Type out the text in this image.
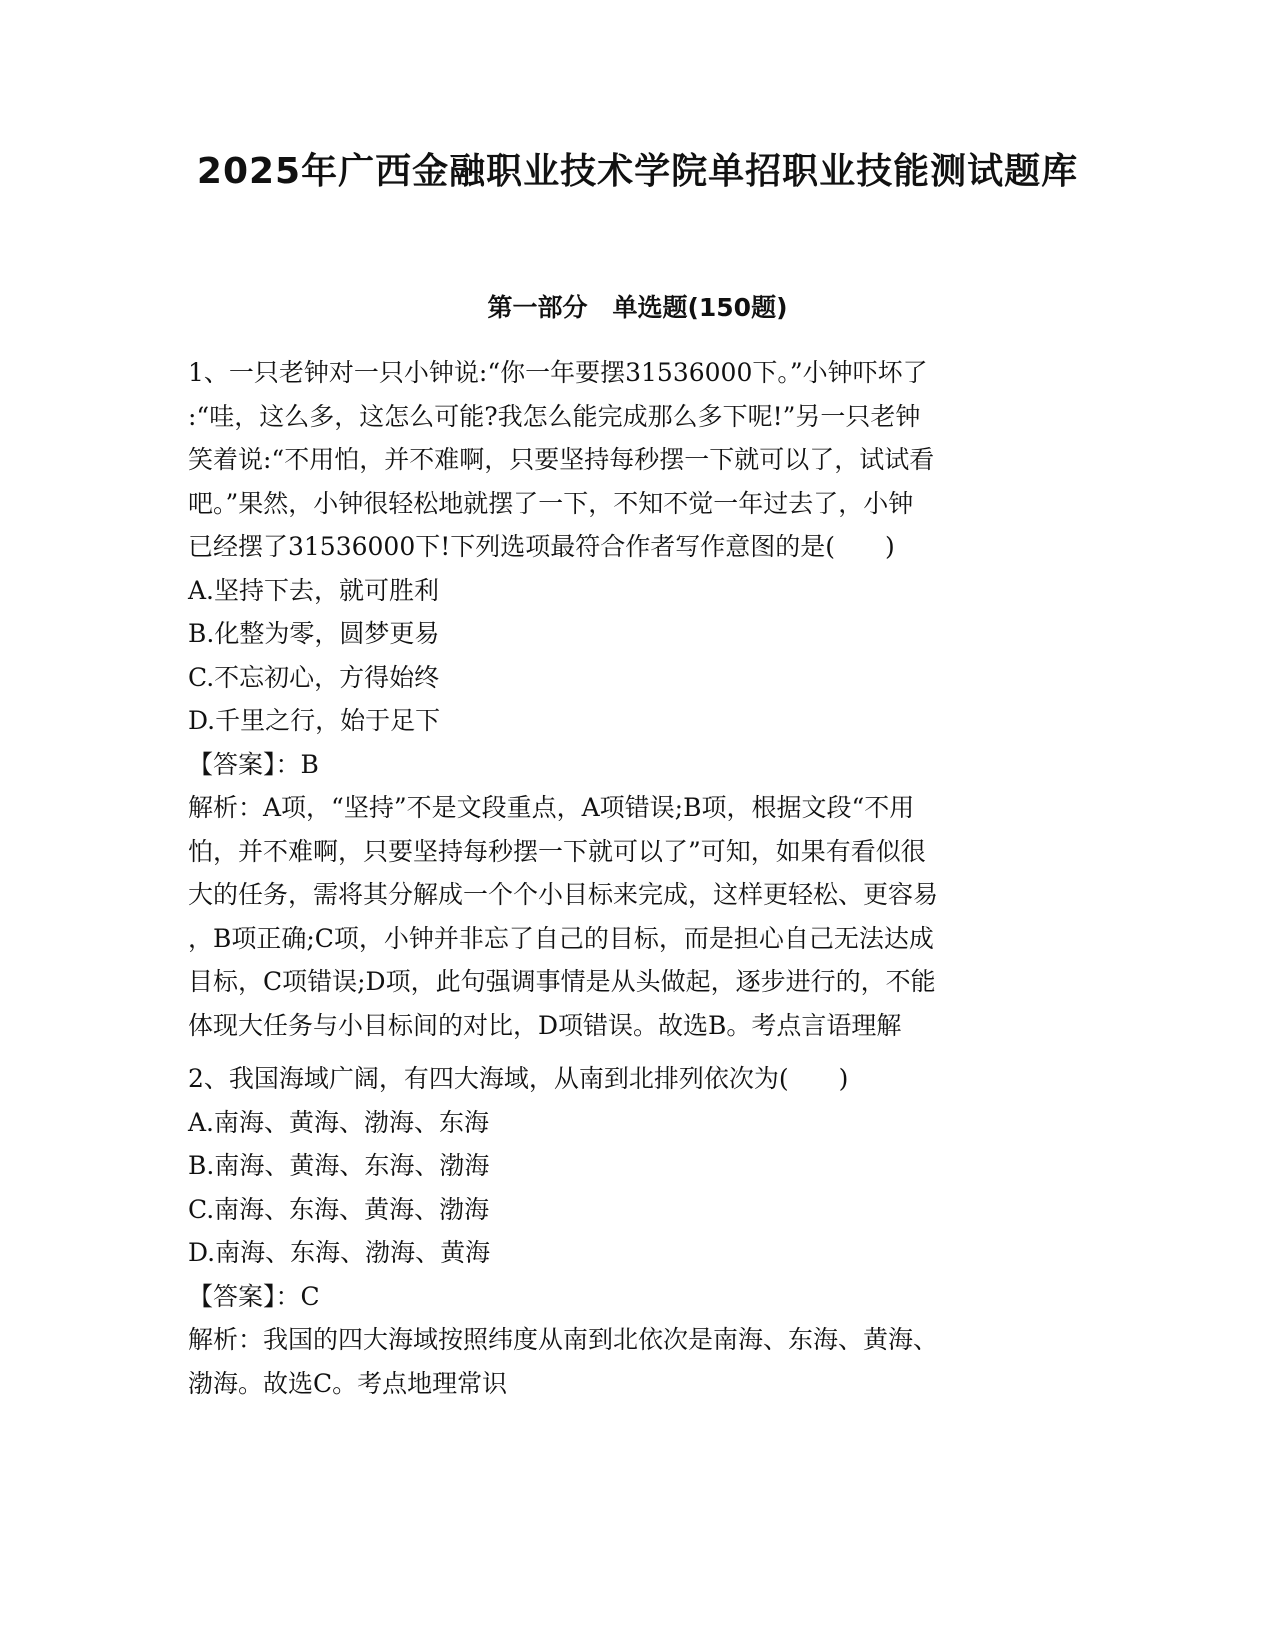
2025年广西金融职业技术学院单招职业技能测试题库
第一部分　单选题(150题)
1、一只老钟对一只小钟说:“你一年要摆31536000下。”小钟吓坏了
:“哇，这么多，这怎么可能?我怎么能完成那么多下呢!”另一只老钟
笑着说:“不用怕，并不难啊，只要坚持每秒摆一下就可以了，试试看
吧。”果然，小钟很轻松地就摆了一下，不知不觉一年过去了，小钟
已经摆了31536000下!下列选项最符合作者写作意图的是(　　)
A.坚持下去，就可胜利
B.化整为零，圆梦更易
C.不忘初心，方得始终
D.千里之行，始于足下
【答案】：B
解析：A项，“坚持”不是文段重点，A项错误;B项，根据文段“不用
怕，并不难啊，只要坚持每秒摆一下就可以了”可知，如果有看似很
大的任务，需将其分解成一个个小目标来完成，这样更轻松、更容易
，B项正确;C项，小钟并非忘了自己的目标，而是担心自己无法达成
目标，C项错误;D项，此句强调事情是从头做起，逐步进行的，不能
体现大任务与小目标间的对比，D项错误。故选B。考点言语理解
2、我国海域广阔，有四大海域，从南到北排列依次为(　　)
A.南海、黄海、渤海、东海
B.南海、黄海、东海、渤海
C.南海、东海、黄海、渤海
D.南海、东海、渤海、黄海
【答案】：C
解析：我国的四大海域按照纬度从南到北依次是南海、东海、黄海、
渤海。故选C。考点地理常识
